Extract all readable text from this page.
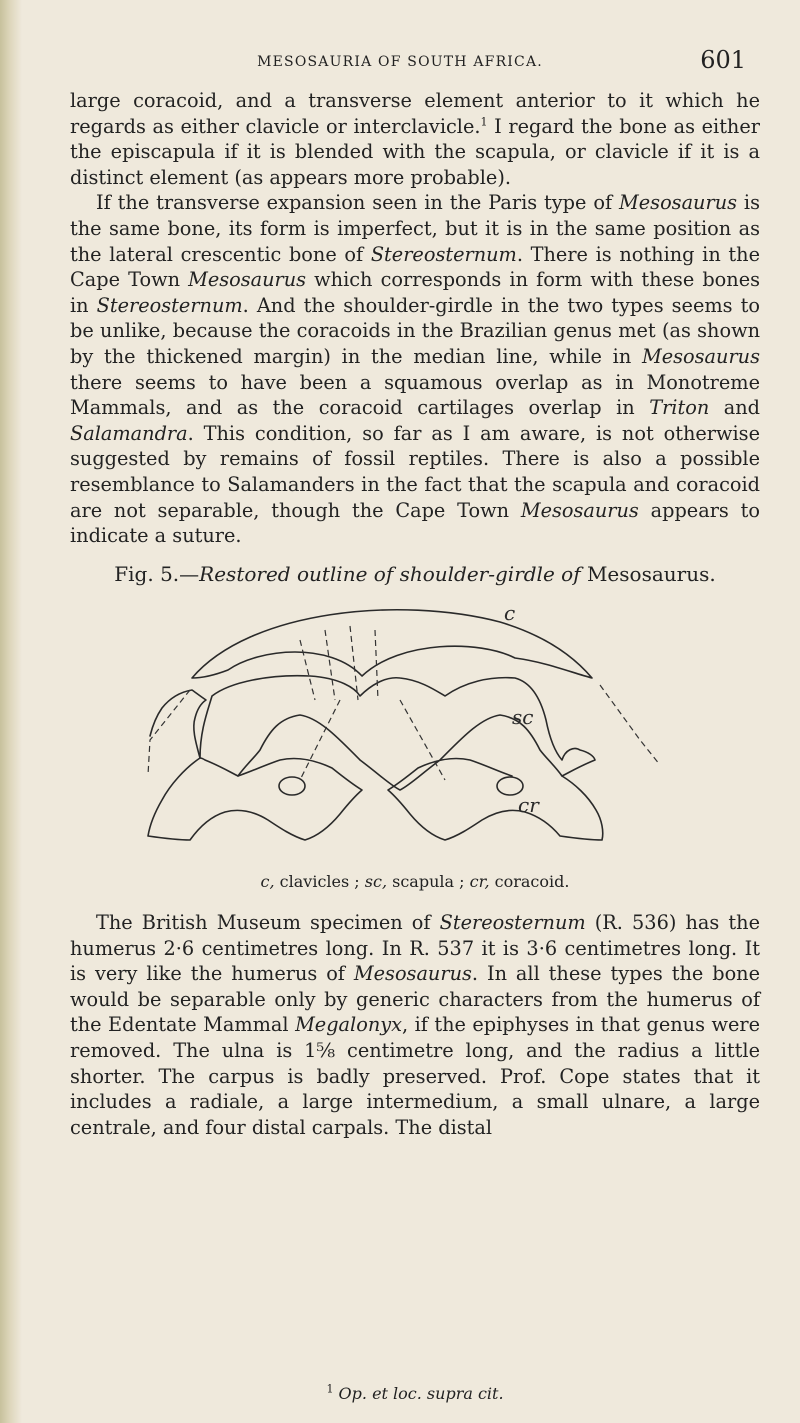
MESOSAURIA OF SOUTH AFRICA.	601

large coracoid, and a transverse element anterior to it which he regards as either clavicle or interclavicle.$^1$ I regard the bone as either the episcapula if it is blended with the scapula, or clavicle if it is a distinct element (as appears more probable).

If the transverse expansion seen in the Paris type of Mesosaurus is the same bone, its form is imperfect, but it is in the same position as the lateral crescentic bone of Stereosternum. There is nothing in the Cape Town Mesosaurus which corresponds in form with these bones in Stereosternum. And the shoulder-girdle in the two types seems to be unlike, because the coracoids in the Brazilian genus met (as shown by the thickened margin) in the median line, while in Mesosaurus there seems to have been a squamous overlap as in Monotreme Mammals, and as the coracoid cartilages overlap in Triton and Salamandra. This condition, so far as I am aware, is not otherwise suggested by remains of fossil reptiles. There is also a possible resemblance to Salamanders in the fact that the scapula and coracoid are not separable, though the Cape Town Mesosaurus appears to indicate a suture.

Fig. 5.—Restored outline of shoulder-girdle of Mesosaurus.
c
sc
cr
c, clavicles ; sc, scapula ; cr, coracoid.

The British Museum specimen of Stereosternum (R. 536) has the humerus 2·6 centimetres long. In R. 537 it is 3·6 centimetres long. It is very like the humerus of Mesosaurus. In all these types the bone would be separable only by generic characters from the humerus of the Edentate Mammal Megalonyx, if the epiphyses in that genus were removed. The ulna is 1⅝ centimetre long, and the radius a little shorter. The carpus is badly preserved. Prof. Cope states that it includes a radiale, a large intermedium, a small ulnare, a large centrale, and four distal carpals. The distal

$^1$ Op. et loc. supra cit.
